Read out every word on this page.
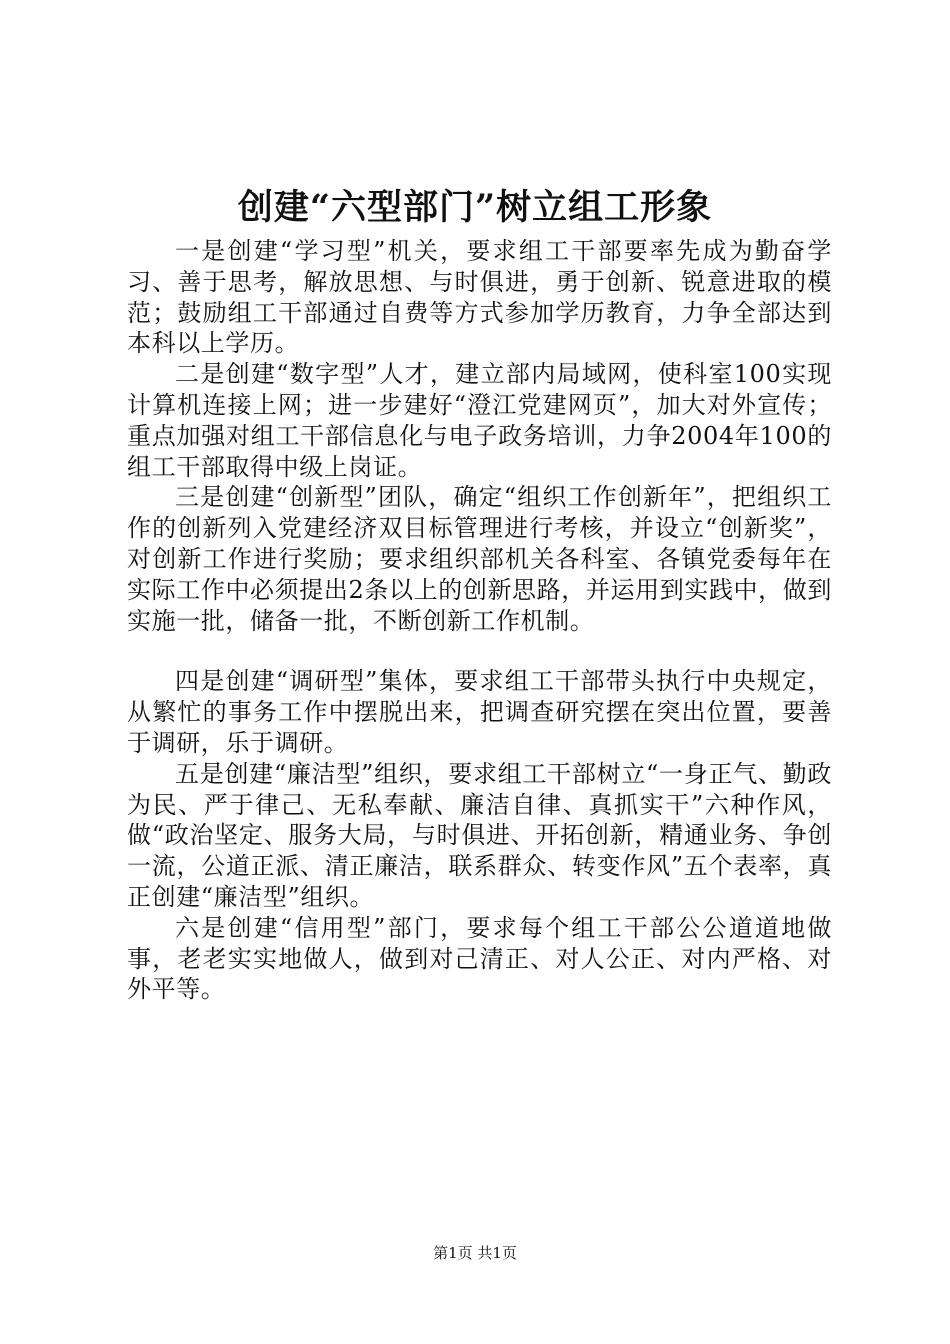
创建“六型部门”树立组工形象

一是创建“学习型”机关，要求组工干部要率先成为勤奋学习、善于思考，解放思想、与时俱进，勇于创新、锐意进取的模范；鼓励组工干部通过自费等方式参加学历教育，力争全部达到本科以上学历。

二是创建“数字型”人才，建立部内局域网，使科室100实现计算机连接上网；进一步建好“澄江党建网页”，加大对外宣传；重点加强对组工干部信息化与电子政务培训，力争2004年100的组工干部取得中级上岗证。

三是创建“创新型”团队，确定“组织工作创新年”，把组织工作的创新列入党建经济双目标管理进行考核，并设立“创新奖”，对创新工作进行奖励；要求组织部机关各科室、各镇党委每年在实际工作中必须提出2条以上的创新思路，并运用到实践中，做到实施一批，储备一批，不断创新工作机制。

四是创建“调研型”集体，要求组工干部带头执行中央规定，从繁忙的事务工作中摆脱出来，把调查研究摆在突出位置，要善于调研，乐于调研。

五是创建“廉洁型”组织，要求组工干部树立“一身正气、勤政为民、严于律己、无私奉献、廉洁自律、真抓实干”六种作风，做“政治坚定、服务大局，与时俱进、开拓创新，精通业务、争创一流，公道正派、清正廉洁，联系群众、转变作风”五个表率，真正创建“廉洁型”组织。

六是创建“信用型”部门，要求每个组工干部公公道道地做事，老老实实地做人，做到对己清正、对人公正、对内严格、对外平等。

第1页 共1页
